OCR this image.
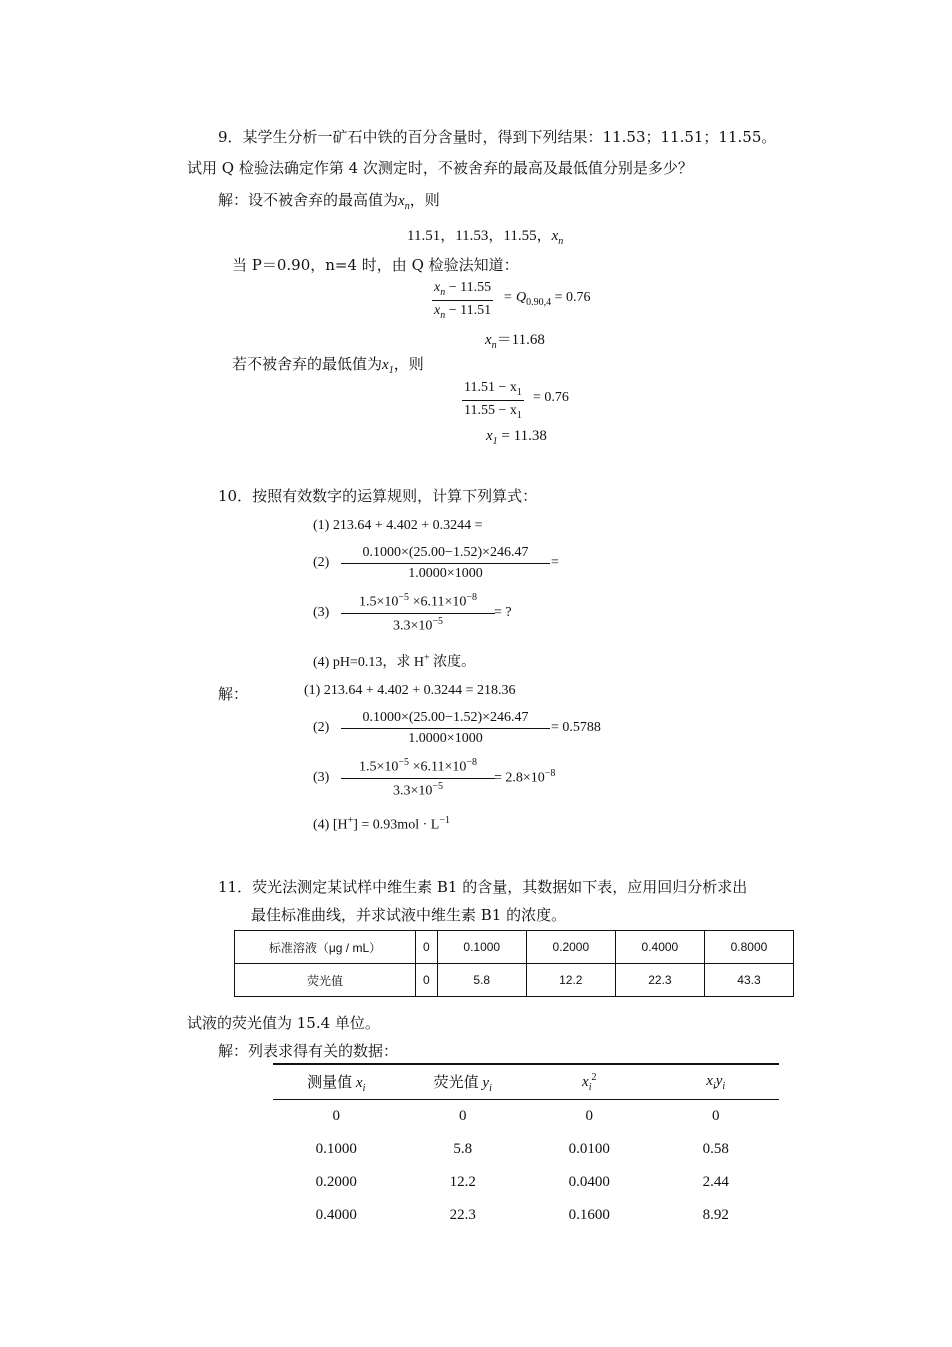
9．某学生分析一矿石中铁的百分含量时，得到下列结果：11.53；11.51；11.55。
试用 Q 检验法确定作第 4 次测定时，不被舍弃的最高及最低值分别是多少？
解：设不被舍弃的最高值为$x_n$，则
11.51，11.53，11.55，$x_n$
当 P＝0.90，n=4 时，由 Q 检验法知道：
$\frac{x_n - 11.55}{x_n - 11.51} = Q_{0.90,4} = 0.76$
$x_n=11.68$
若不被舍弃的最低值为$x_1$，则
$\frac{11.51 - x_1}{11.55 - x_1} = 0.76$
$x_1 = 11.38$
10．按照有效数字的运算规则，计算下列算式：
(1) 213.64 + 4.402 + 0.3244 =
$(2) \frac{0.1000\times(25.00-1.52)\times 246.47}{1.0000\times 1000}$ =
$(3) \frac{1.5\times 10^{-5} \times 6.11\times 10^{-8}}{3.3\times 10^{-5}}$ = ?
(4) pH=0.13，求 H+ 浓度。
解：	(1) 213.64 + 4.402 + 0.3244 = 218.36
$(2) \frac{0.1000\times(25.00-1.52)\times 246.47}{1.0000\times 1000} = 0.5788$
$(3) \frac{1.5\times 10^{-5} \times 6.11\times 10^{-8}}{3.3\times 10^{-5}} = 2.8\times 10^{-8}$
(4) $[H^+] = 0.93mol \cdot L^{-1}$
11．荧光法测定某试样中维生素 B1 的含量，其数据如下表，应用回归分析求出
最佳标准曲线，并求试液中维生素 B1 的浓度。
标准溶液（μg / mL）	0	0.1000	0.2000	0.4000	0.8000
荧光值	0	5.8	12.2	22.3	43.3
试液的荧光值为 15.4 单位。
解：列表求得有关的数据：
测量值 $x_i$	荧光值 $y_i$	$x_i^2$	$x_iy_i$
0	0	0	0
0.1000	5.8	0.0100	0.58
0.2000	12.2	0.0400	2.44
0.4000	22.3	0.1600	8.92
